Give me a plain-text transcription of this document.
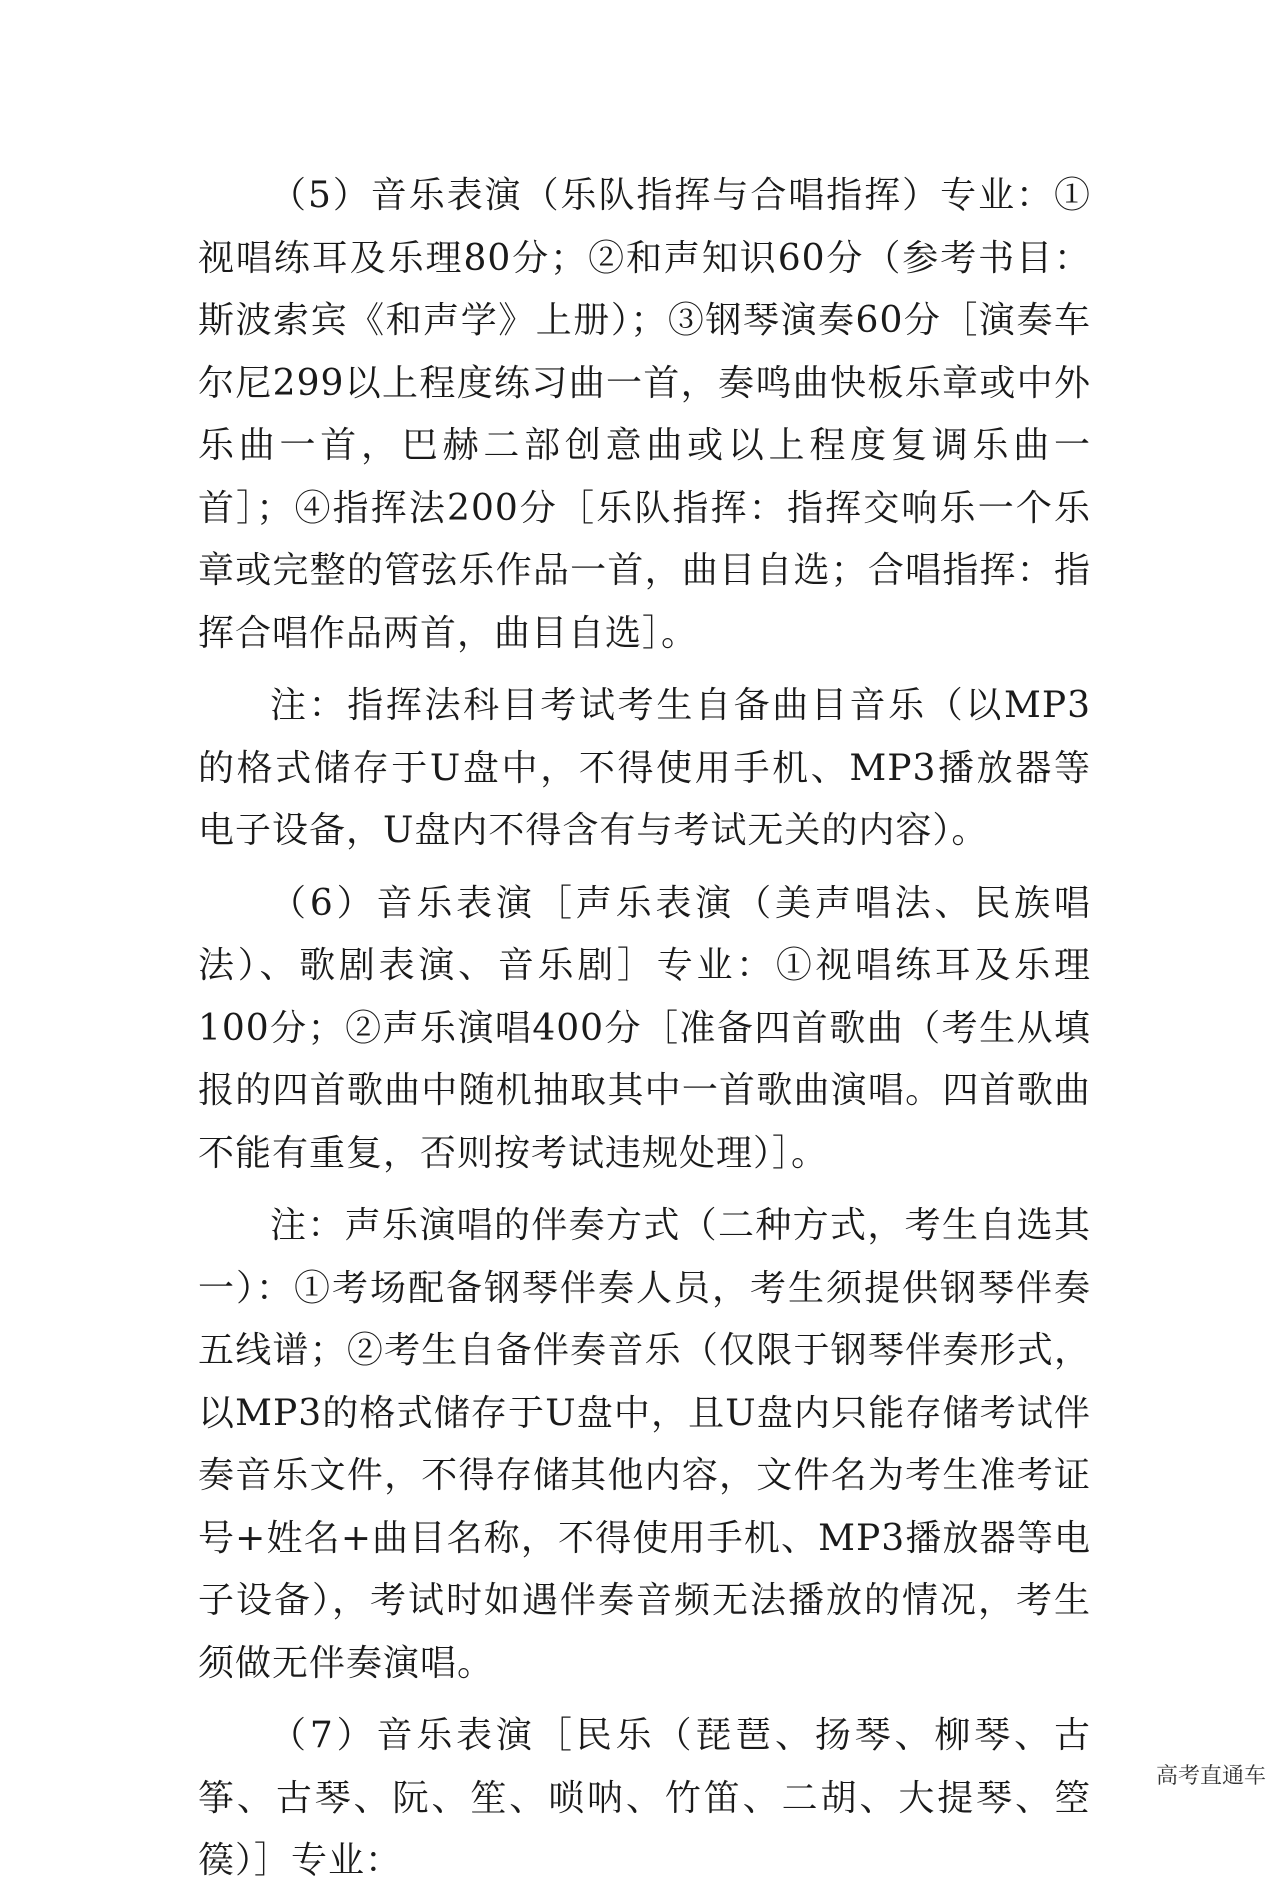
（5）音乐表演（乐队指挥与合唱指挥）专业：①视唱练耳及乐理80分；②和声知识60分（参考书目：斯波索宾《和声学》上册）；③钢琴演奏60分［演奏车尔尼299以上程度练习曲一首，奏鸣曲快板乐章或中外乐曲一首，巴赫二部创意曲或以上程度复调乐曲一首］；④指挥法200分［乐队指挥：指挥交响乐一个乐章或完整的管弦乐作品一首，曲目自选；合唱指挥：指挥合唱作品两首，曲目自选］。

注：指挥法科目考试考生自备曲目音乐（以MP3的格式储存于U盘中，不得使用手机、MP3播放器等电子设备，U盘内不得含有与考试无关的内容）。

（6）音乐表演［声乐表演（美声唱法、民族唱法）、歌剧表演、音乐剧］专业：①视唱练耳及乐理100分；②声乐演唱400分［准备四首歌曲（考生从填报的四首歌曲中随机抽取其中一首歌曲演唱。四首歌曲不能有重复，否则按考试违规处理）］。

注：声乐演唱的伴奏方式（二种方式，考生自选其一）：①考场配备钢琴伴奏人员，考生须提供钢琴伴奏五线谱；②考生自备伴奏音乐（仅限于钢琴伴奏形式，以MP3的格式储存于U盘中，且U盘内只能存储考试伴奏音乐文件，不得存储其他内容，文件名为考生准考证号+姓名+曲目名称，不得使用手机、MP3播放器等电子设备），考试时如遇伴奏音频无法播放的情况，考生须做无伴奏演唱。

（7）音乐表演［民乐（琵琶、扬琴、柳琴、古筝、古琴、阮、笙、唢呐、竹笛、二胡、大提琴、箜篌）］专业：

高考直通车
